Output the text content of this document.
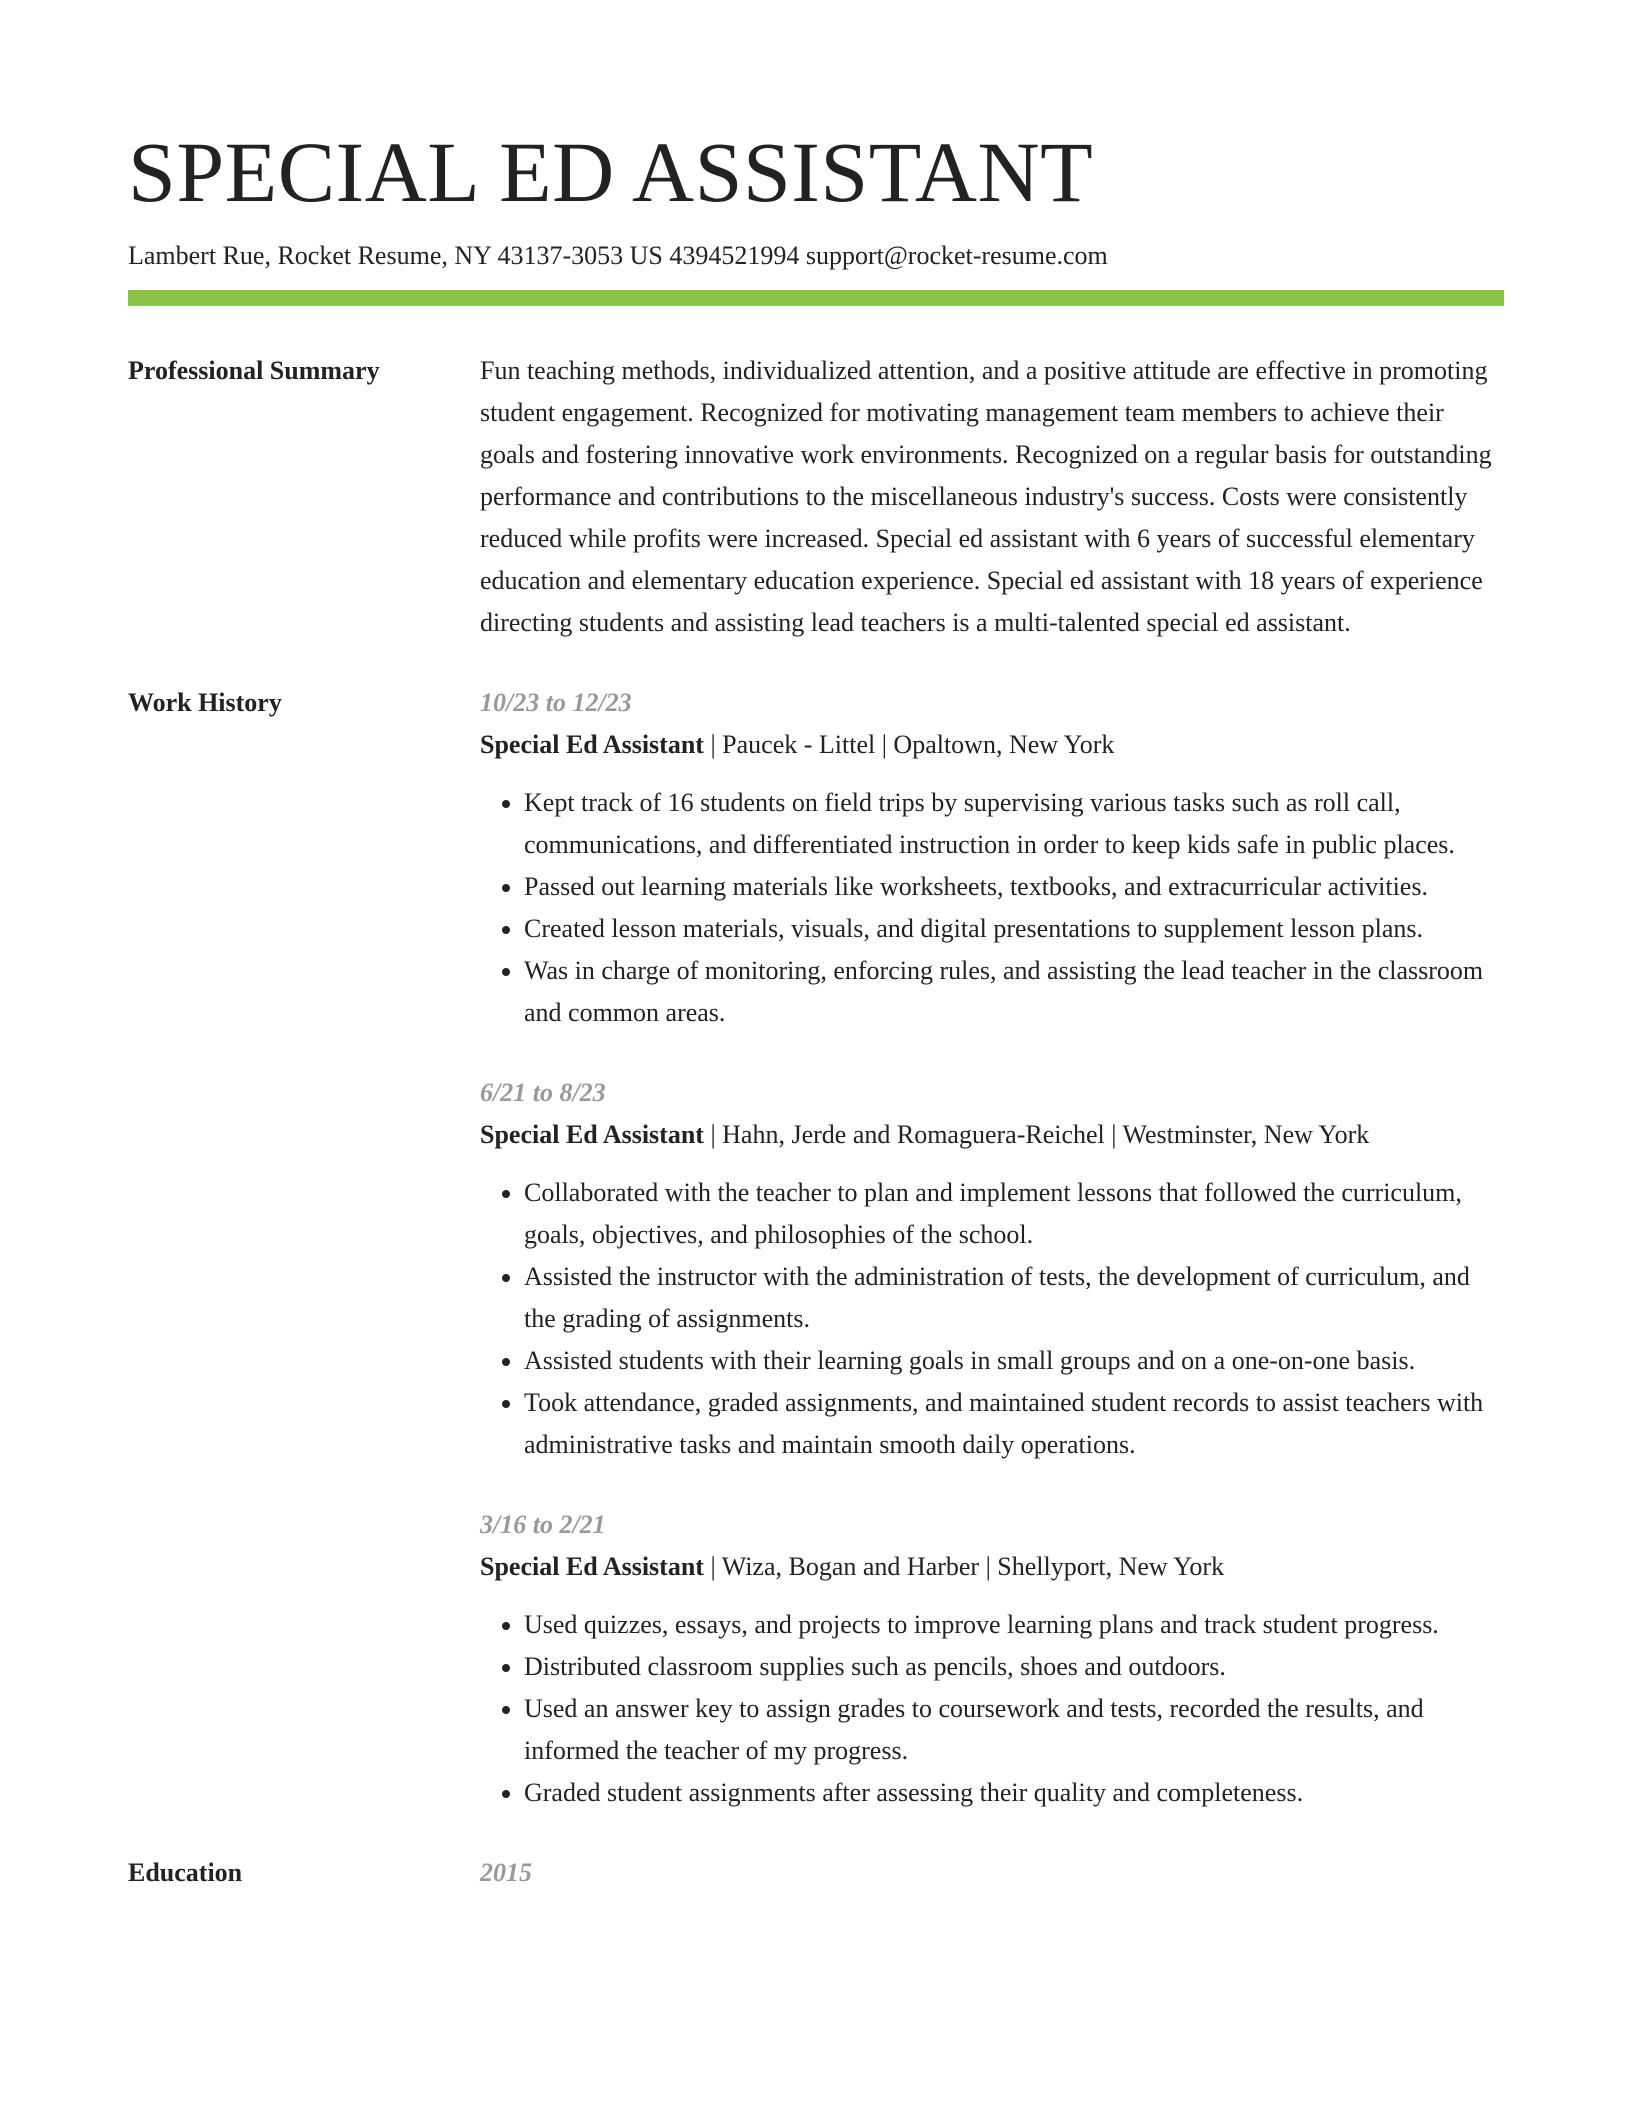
SPECIAL ED ASSISTANT
Lambert Rue, Rocket Resume, NY 43137-3053 US 4394521994 support@rocket-resume.com
Professional Summary	Fun teaching methods, individualized attention, and a positive attitude are effective in promoting student engagement. Recognized for motivating management team members to achieve their goals and fostering innovative work environments. Recognized on a regular basis for outstanding performance and contributions to the miscellaneous industry's success. Costs were consistently reduced while profits were increased. Special ed assistant with 6 years of successful elementary education and elementary education experience. Special ed assistant with 18 years of experience directing students and assisting lead teachers is a multi-talented special ed assistant.

Work History	10/23 to 12/23
Special Ed Assistant | Paucek - Littel | Opaltown, New York
• Kept track of 16 students on field trips by supervising various tasks such as roll call, communications, and differentiated instruction in order to keep kids safe in public places.
• Passed out learning materials like worksheets, textbooks, and extracurricular activities.
• Created lesson materials, visuals, and digital presentations to supplement lesson plans.
• Was in charge of monitoring, enforcing rules, and assisting the lead teacher in the classroom and common areas.
6/21 to 8/23
Special Ed Assistant | Hahn, Jerde and Romaguera-Reichel | Westminster, New York
• Collaborated with the teacher to plan and implement lessons that followed the curriculum, goals, objectives, and philosophies of the school.
• Assisted the instructor with the administration of tests, the development of curriculum, and the grading of assignments.
• Assisted students with their learning goals in small groups and on a one-on-one basis.
• Took attendance, graded assignments, and maintained student records to assist teachers with administrative tasks and maintain smooth daily operations.
3/16 to 2/21
Special Ed Assistant | Wiza, Bogan and Harber | Shellyport, New York
• Used quizzes, essays, and projects to improve learning plans and track student progress.
• Distributed classroom supplies such as pencils, shoes and outdoors.
• Used an answer key to assign grades to coursework and tests, recorded the results, and informed the teacher of my progress.
• Graded student assignments after assessing their quality and completeness.
Education	2015
